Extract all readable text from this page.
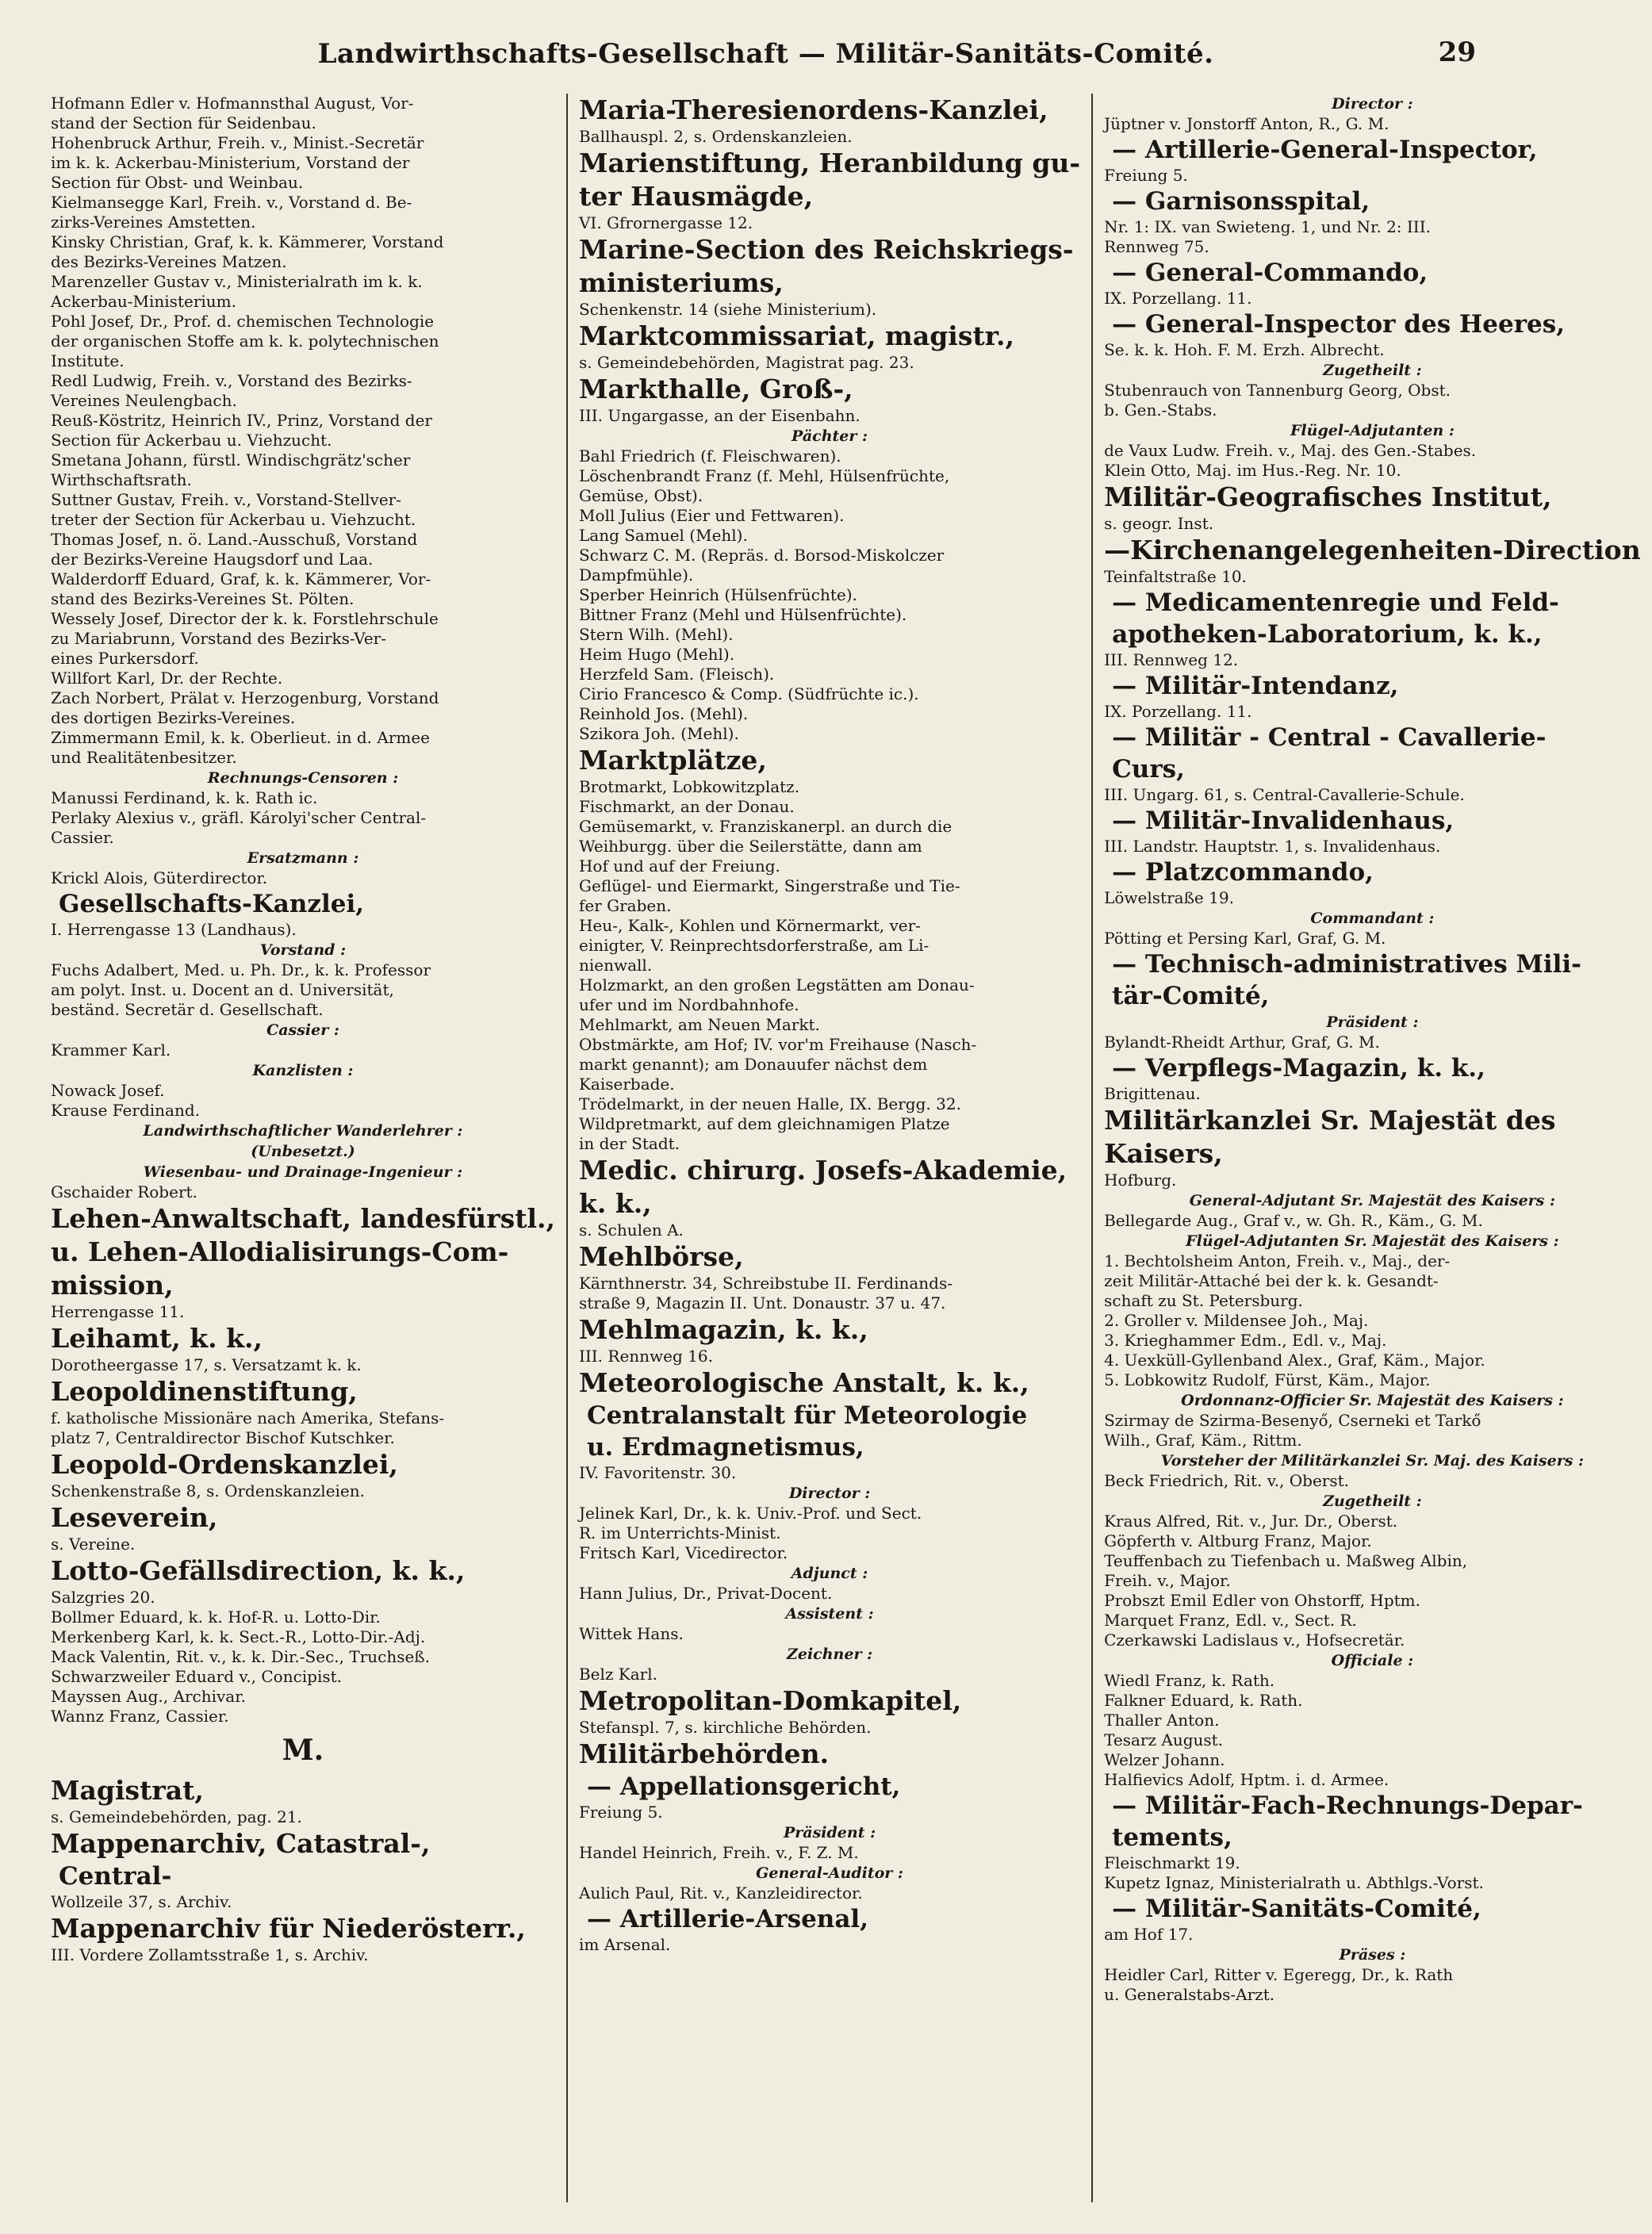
Landwirthschafts-Gesellschaft — Militär-Sanitäts-Comité.	29
Hofmann Edler v. Hofmannsthal August, Vor-
stand der Section für Seidenbau.
Hohenbruck Arthur, Freih. v., Minist.-Secretär
im k. k. Ackerbau-Ministerium, Vorstand der
Section für Obst- und Weinbau.
Kielmansegge Karl, Freih. v., Vorstand d. Be-
zirks-Vereines Amstetten.
Kinsky Christian, Graf, k. k. Kämmerer, Vorstand
des Bezirks-Vereines Matzen.
Marenzeller Gustav v., Ministerialrath im k. k.
Ackerbau-Ministerium.
Pohl Josef, Dr., Prof. d. chemischen Technologie
der organischen Stoffe am k. k. polytechnischen
Institute.
Redl Ludwig, Freih. v., Vorstand des Bezirks-
Vereines Neulengbach.
Reuß-Köstritz, Heinrich IV., Prinz, Vorstand der
Section für Ackerbau u. Viehzucht.
Smetana Johann, fürstl. Windischgrätz'scher
Wirthschaftsrath.
Suttner Gustav, Freih. v., Vorstand-Stellver-
treter der Section für Ackerbau u. Viehzucht.
Thomas Josef, n. ö. Land.-Ausschuß, Vorstand
der Bezirks-Vereine Haugsdorf und Laa.
Walderdorff Eduard, Graf, k. k. Kämmerer, Vor-
stand des Bezirks-Vereines St. Pölten.
Wessely Josef, Director der k. k. Forstlehrschule
zu Mariabrunn, Vorstand des Bezirks-Ver-
eines Purkersdorf.
Willfort Karl, Dr. der Rechte.
Zach Norbert, Prälat v. Herzogenburg, Vorstand
des dortigen Bezirks-Vereines.
Zimmermann Emil, k. k. Oberlieut. in d. Armee
und Realitätenbesitzer.
Rechnungs-Censoren :
Manussi Ferdinand, k. k. Rath ic.
Perlaky Alexius v., gräfl. Károlyi'scher Central-
Cassier.
Ersatzmann :
Krickl Alois, Güterdirector.
Gesellschafts-Kanzlei,
I. Herrengasse 13 (Landhaus).
Vorstand :
Fuchs Adalbert, Med. u. Ph. Dr., k. k. Professor
am polyt. Inst. u. Docent an d. Universität,
beständ. Secretär d. Gesellschaft.
Cassier :
Krammer Karl.
Kanzlisten :
Nowack Josef.
Krause Ferdinand.
Landwirthschaftlicher Wanderlehrer :
(Unbesetzt.)
Wiesenbau- und Drainage-Ingenieur :
Gschaider Robert.
Lehen-Anwaltschaft, landesfürstl.,
u. Lehen-Allodialisirungs-Com-
mission,
Herrengasse 11.
Leihamt, k. k.,
Dorotheergasse 17, s. Versatzamt k. k.
Leopoldinenstiftung,
f. katholische Missionäre nach Amerika, Stefans-
platz 7, Centraldirector Bischof Kutschker.
Leopold-Ordenskanzlei,
Schenkenstraße 8, s. Ordenskanzleien.
Leseverein,
s. Vereine.
Lotto-Gefällsdirection, k. k.,
Salzgries 20.
Bollmer Eduard, k. k. Hof-R. u. Lotto-Dir.
Merkenberg Karl, k. k. Sect.-R., Lotto-Dir.-Adj.
Mack Valentin, Rit. v., k. k. Dir.-Sec., Truchseß.
Schwarzweiler Eduard v., Concipist.
Mayssen Aug., Archivar.
Wannz Franz, Cassier.
M.
Magistrat,
s. Gemeindebehörden, pag. 21.
Mappenarchiv, Catastral-,
Central-
Wollzeile 37, s. Archiv.
Mappenarchiv für Niederösterr.,
III. Vordere Zollamtsstraße 1, s. Archiv.
Maria-Theresienordens-Kanzlei,
Ballhauspl. 2, s. Ordenskanzleien.
Marienstiftung, Heranbildung gu-
ter Hausmägde,
VI. Gfrornergasse 12.
Marine-Section des Reichskriegs-
ministeriums,
Schenkenstr. 14 (siehe Ministerium).
Marktcommissariat, magistr.,
s. Gemeindebehörden, Magistrat pag. 23.
Markthalle, Groß-,
III. Ungargasse, an der Eisenbahn.
Pächter :
Bahl Friedrich (f. Fleischwaren).
Löschenbrandt Franz (f. Mehl, Hülsenfrüchte,
Gemüse, Obst).
Moll Julius (Eier und Fettwaren).
Lang Samuel (Mehl).
Schwarz C. M. (Repräs. d. Borsod-Miskolczer
Dampfmühle).
Sperber Heinrich (Hülsenfrüchte).
Bittner Franz (Mehl und Hülsenfrüchte).
Stern Wilh. (Mehl).
Heim Hugo (Mehl).
Herzfeld Sam. (Fleisch).
Cirio Francesco & Comp. (Südfrüchte ic.).
Reinhold Jos. (Mehl).
Szikora Joh. (Mehl).
Marktplätze,
Brotmarkt, Lobkowitzplatz.
Fischmarkt, an der Donau.
Gemüsemarkt, v. Franziskanerpl. an durch die
Weihburgg. über die Seilerstätte, dann am
Hof und auf der Freiung.
Geflügel- und Eiermarkt, Singerstraße und Tie-
fer Graben.
Heu-, Kalk-, Kohlen und Körnermarkt, ver-
einigter, V. Reinprechtsdorferstraße, am Li-
nienwall.
Holzmarkt, an den großen Legstätten am Donau-
ufer und im Nordbahnhofe.
Mehlmarkt, am Neuen Markt.
Obstmärkte, am Hof; IV. vor'm Freihause (Nasch-
markt genannt); am Donauufer nächst dem
Kaiserbade.
Trödelmarkt, in der neuen Halle, IX. Bergg. 32.
Wildpretmarkt, auf dem gleichnamigen Platze
in der Stadt.
Medic. chirurg. Josefs-Akademie,
k. k.,
s. Schulen A.
Mehlbörse,
Kärnthnerstr. 34, Schreibstube II. Ferdinands-
straße 9, Magazin II. Unt. Donaustr. 37 u. 47.
Mehlmagazin, k. k.,
III. Rennweg 16.
Meteorologische Anstalt, k. k.,
Centralanstalt für Meteorologie
u. Erdmagnetismus,
IV. Favoritenstr. 30.
Director :
Jelinek Karl, Dr., k. k. Univ.-Prof. und Sect.
R. im Unterrichts-Minist.
Fritsch Karl, Vicedirector.
Adjunct :
Hann Julius, Dr., Privat-Docent.
Assistent :
Wittek Hans.
Zeichner :
Belz Karl.
Metropolitan-Domkapitel,
Stefanspl. 7, s. kirchliche Behörden.
Militärbehörden.
— Appellationsgericht,
Freiung 5.
Präsident :
Handel Heinrich, Freih. v., F. Z. M.
General-Auditor :
Aulich Paul, Rit. v., Kanzleidirector.
— Artillerie-Arsenal,
im Arsenal.
Director :
Jüptner v. Jonstorff Anton, R., G. M.
— Artillerie-General-Inspector,
Freiung 5.
— Garnisonsspital,
Nr. 1: IX. van Swieteng. 1, und Nr. 2: III.
Rennweg 75.
— General-Commando,
IX. Porzellang. 11.
— General-Inspector des Heeres,
Se. k. k. Hoh. F. M. Erzh. Albrecht.
Zugetheilt :
Stubenrauch von Tannenburg Georg, Obst.
b. Gen.-Stabs.
Flügel-Adjutanten :
de Vaux Ludw. Freih. v., Maj. des Gen.-Stabes.
Klein Otto, Maj. im Hus.-Reg. Nr. 10.
Militär-Geografisches Institut,
s. geogr. Inst.
—Kirchenangelegenheiten-Direction
Teinfaltstraße 10.
— Medicamentenregie und Feld-
apotheken-Laboratorium, k. k.,
III. Rennweg 12.
— Militär-Intendanz,
IX. Porzellang. 11.
— Militär - Central - Cavallerie-
Curs,
III. Ungarg. 61, s. Central-Cavallerie-Schule.
— Militär-Invalidenhaus,
III. Landstr. Hauptstr. 1, s. Invalidenhaus.
— Platzcommando,
Löwelstraße 19.
Commandant :
Pötting et Persing Karl, Graf, G. M.
— Technisch-administratives Mili-
tär-Comité,
Präsident :
Bylandt-Rheidt Arthur, Graf, G. M.
— Verpflegs-Magazin, k. k.,
Brigittenau.
Militärkanzlei Sr. Majestät des
Kaisers,
Hofburg.
General-Adjutant Sr. Majestät des Kaisers :
Bellegarde Aug., Graf v., w. Gh. R., Käm., G. M.
Flügel-Adjutanten Sr. Majestät des Kaisers :
1. Bechtolsheim Anton, Freih. v., Maj., der-
zeit Militär-Attaché bei der k. k. Gesandt-
schaft zu St. Petersburg.
2. Groller v. Mildensee Joh., Maj.
3. Krieghammer Edm., Edl. v., Maj.
4. Uexküll-Gyllenband Alex., Graf, Käm., Major.
5. Lobkowitz Rudolf, Fürst, Käm., Major.
Ordonnanz-Officier Sr. Majestät des Kaisers :
Szirmay de Szirma-Besenyő, Cserneki et Tarkő
Wilh., Graf, Käm., Rittm.
Vorsteher der Militärkanzlei Sr. Maj. des Kaisers :
Beck Friedrich, Rit. v., Oberst.
Zugetheilt :
Kraus Alfred, Rit. v., Jur. Dr., Oberst.
Göpferth v. Altburg Franz, Major.
Teuffenbach zu Tiefenbach u. Maßweg Albin,
Freih. v., Major.
Probszt Emil Edler von Ohstorff, Hptm.
Marquet Franz, Edl. v., Sect. R.
Czerkawski Ladislaus v., Hofsecretär.
Officiale :
Wiedl Franz, k. Rath.
Falkner Eduard, k. Rath.
Thaller Anton.
Tesarz August.
Welzer Johann.
Halfievics Adolf, Hptm. i. d. Armee.
— Militär-Fach-Rechnungs-Depar-
tements,
Fleischmarkt 19.
Kupetz Ignaz, Ministerialrath u. Abthlgs.-Vorst.
— Militär-Sanitäts-Comité,
am Hof 17.
Präses :
Heidler Carl, Ritter v. Egeregg, Dr., k. Rath
u. Generalstabs-Arzt.
